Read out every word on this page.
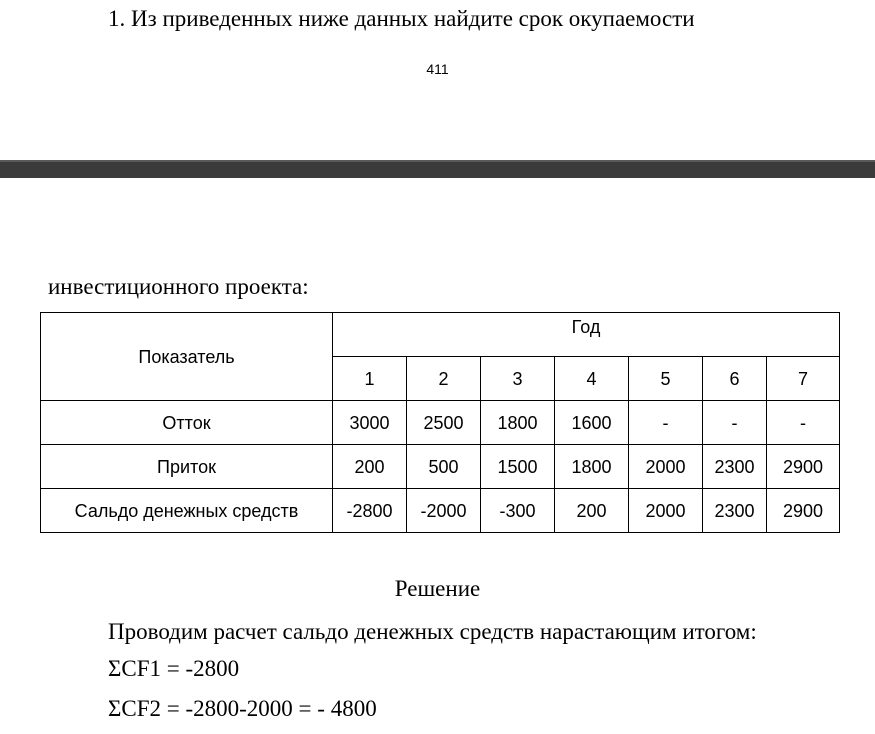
1. Из приведенных ниже данных найдите срок окупаемости
411
инвестиционного проекта:
Показатель	Год						
	1	2	3	4	5	6	7
Отток	3000	2500	1800	1600	-	-	-
Приток	200	500	1500	1800	2000	2300	2900
Сальдо денежных средств	-2800	-2000	-300	200	2000	2300	2900
Решение
Проводим расчет сальдо денежных средств нарастающим итогом:
ΣCF1 = -2800
ΣCF2 = -2800-2000 = - 4800
